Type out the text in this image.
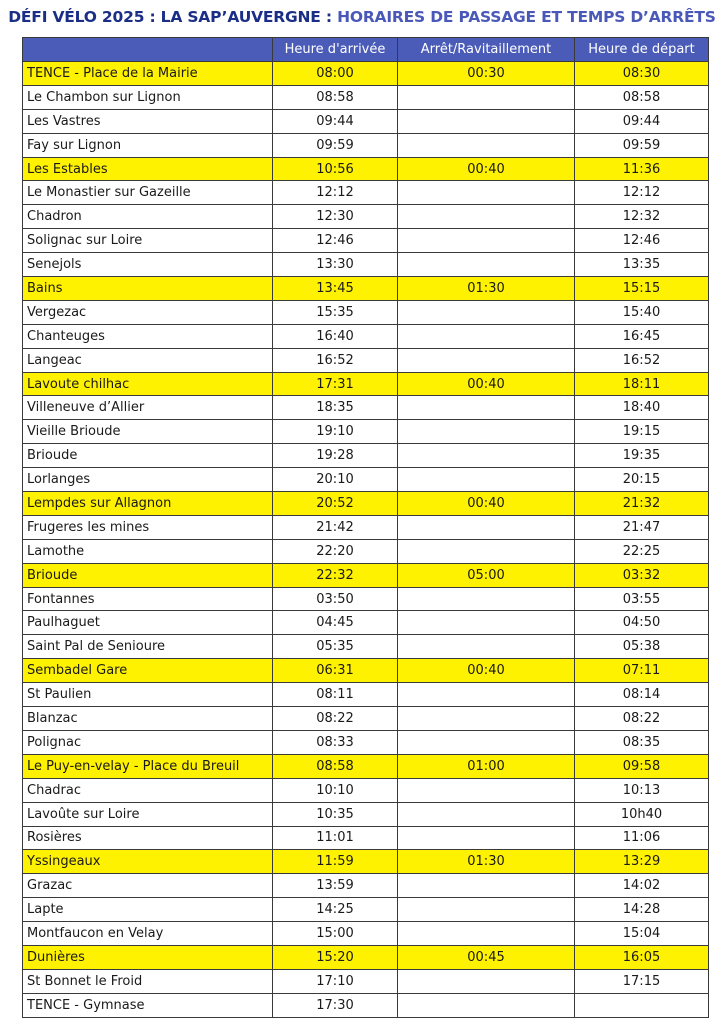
DÉFI VÉLO 2025 : LA SAP’AUVERGNE : HORAIRES DE PASSAGE ET TEMPS D’ARRÊTS
	Heure d'arrivée	Arrêt/Ravitaillement	Heure de départ
TENCE - Place de la Mairie	08:00	00:30	08:30
Le Chambon sur Lignon	08:58		08:58
Les Vastres	09:44		09:44
Fay sur Lignon	09:59		09:59
Les Estables	10:56	00:40	11:36
Le Monastier sur Gazeille	12:12		12:12
Chadron	12:30		12:32
Solignac sur Loire	12:46		12:46
Senejols	13:30		13:35
Bains	13:45	01:30	15:15
Vergezac	15:35		15:40
Chanteuges	16:40		16:45
Langeac	16:52		16:52
Lavoute chilhac	17:31	00:40	18:11
Villeneuve d’Allier	18:35		18:40
Vieille Brioude	19:10		19:15
Brioude	19:28		19:35
Lorlanges	20:10		20:15
Lempdes sur Allagnon	20:52	00:40	21:32
Frugeres les mines	21:42		21:47
Lamothe	22:20		22:25
Brioude	22:32	05:00	03:32
Fontannes	03:50		03:55
Paulhaguet	04:45		04:50
Saint Pal de Senioure	05:35		05:38
Sembadel Gare	06:31	00:40	07:11
St Paulien	08:11		08:14
Blanzac	08:22		08:22
Polignac	08:33		08:35
Le Puy-en-velay - Place du Breuil	08:58	01:00	09:58
Chadrac	10:10		10:13
Lavoûte sur Loire	10:35		10h40
Rosières	11:01		11:06
Yssingeaux	11:59	01:30	13:29
Grazac	13:59		14:02
Lapte	14:25		14:28
Montfaucon en Velay	15:00		15:04
Dunières	15:20	00:45	16:05
St Bonnet le Froid	17:10		17:15
TENCE - Gymnase	17:30		
